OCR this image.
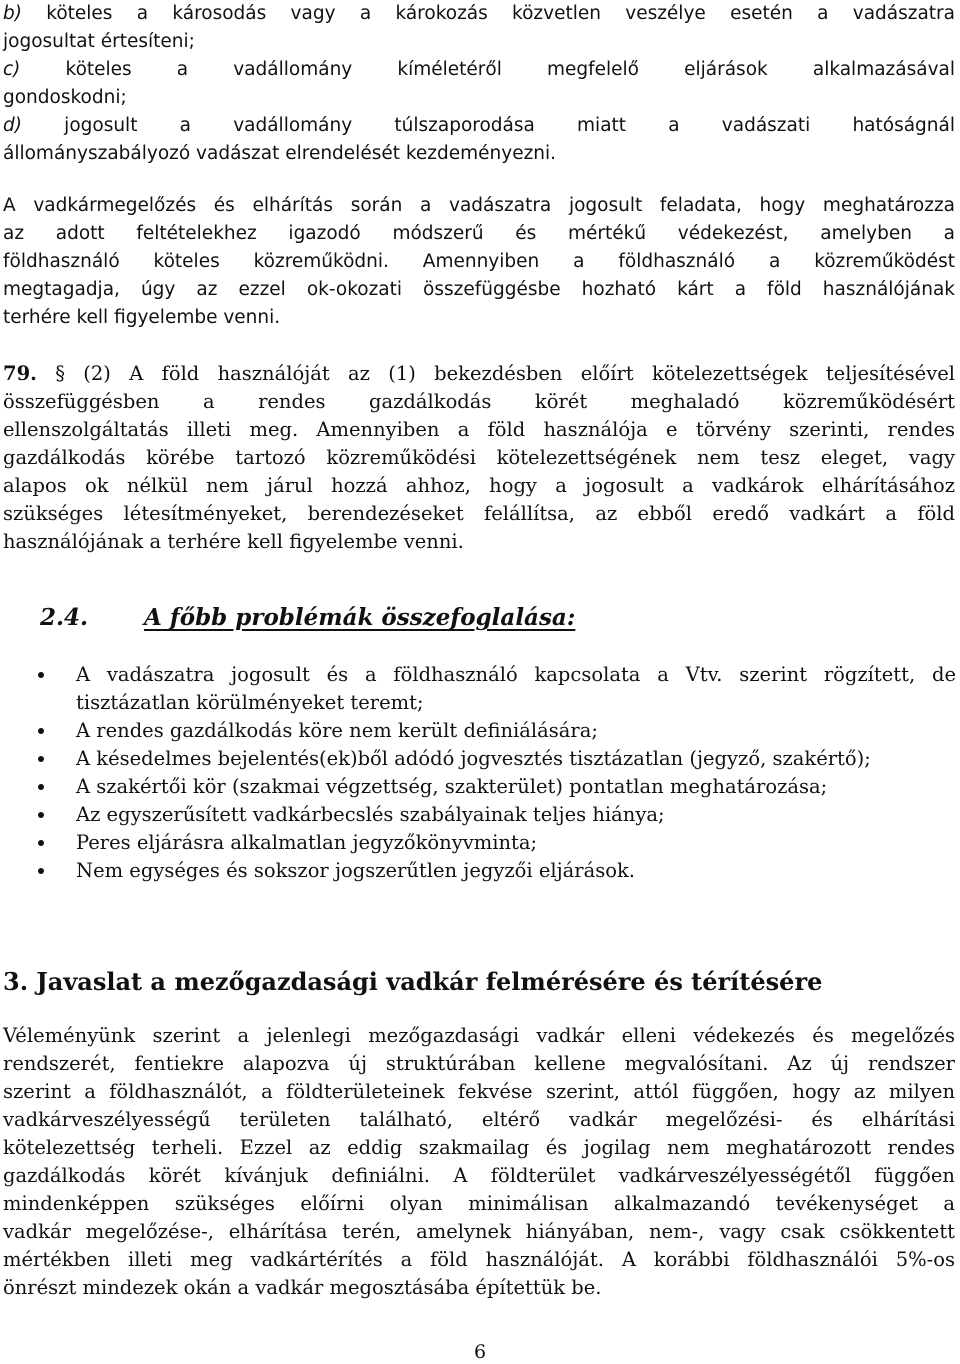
b) köteles a károsodás vagy a károkozás közvetlen veszélye esetén a vadászatra
jogosultat értesíteni;
c) köteles a vadállomány kíméletéről megfelelő eljárások alkalmazásával
gondoskodni;
d) jogosult a vadállomány túlszaporodása miatt a vadászati hatóságnál
állományszabályozó vadászat elrendelését kezdeményezni.
A vadkármegelőzés és elhárítás során a vadászatra jogosult feladata, hogy meghatározza
az adott feltételekhez igazodó módszerű és mértékű védekezést, amelyben a
földhasználó köteles közreműködni. Amennyiben a földhasználó a közreműködést
megtagadja, úgy az ezzel ok-okozati összefüggésbe hozható kárt a föld használójának
terhére kell figyelembe venni.
79. § (2) A föld használóját az (1) bekezdésben előírt kötelezettségek teljesítésével
összefüggésben a rendes gazdálkodás körét meghaladó közreműködésért
ellenszolgáltatás illeti meg. Amennyiben a föld használója e törvény szerinti, rendes
gazdálkodás körébe tartozó közreműködési kötelezettségének nem tesz eleget, vagy
alapos ok nélkül nem járul hozzá ahhoz, hogy a jogosult a vadkárok elhárításához
szükséges létesítményeket, berendezéseket felállítsa, az ebből eredő vadkárt a föld
használójának a terhére kell figyelembe venni.
2.4. A főbb problémák összefoglalása:
A vadászatra jogosult és a földhasználó kapcsolata a Vtv. szerint rögzített, de
tisztázatlan körülményeket teremt;
A rendes gazdálkodás köre nem került definiálására;
A késedelmes bejelentés(ek)ből adódó jogvesztés tisztázatlan (jegyző, szakértő);
A szakértői kör (szakmai végzettség, szakterület) pontatlan meghatározása;
Az egyszerűsített vadkárbecslés szabályainak teljes hiánya;
Peres eljárásra alkalmatlan jegyzőkönyvminta;
Nem egységes és sokszor jogszerűtlen jegyzői eljárások.
3. Javaslat a mezőgazdasági vadkár felmérésére és térítésére
Véleményünk szerint a jelenlegi mezőgazdasági vadkár elleni védekezés és megelőzés
rendszerét, fentiekre alapozva új struktúrában kellene megvalósítani. Az új rendszer
szerint a földhasználót, a földterületeinek fekvése szerint, attól függően, hogy az milyen
vadkárveszélyességű területen található, eltérő vadkár megelőzési- és elhárítási
kötelezettség terheli. Ezzel az eddig szakmailag és jogilag nem meghatározott rendes
gazdálkodás körét kívánjuk definiálni. A földterület vadkárveszélyességétől függően
mindenképpen szükséges előírni olyan minimálisan alkalmazandó tevékenységet a
vadkár megelőzése-, elhárítása terén, amelynek hiányában, nem-, vagy csak csökkentett
mértékben illeti meg vadkártérítés a föld használóját. A korábbi földhasználói 5%-os
önrészt mindezek okán a vadkár megosztásába építettük be.
6
